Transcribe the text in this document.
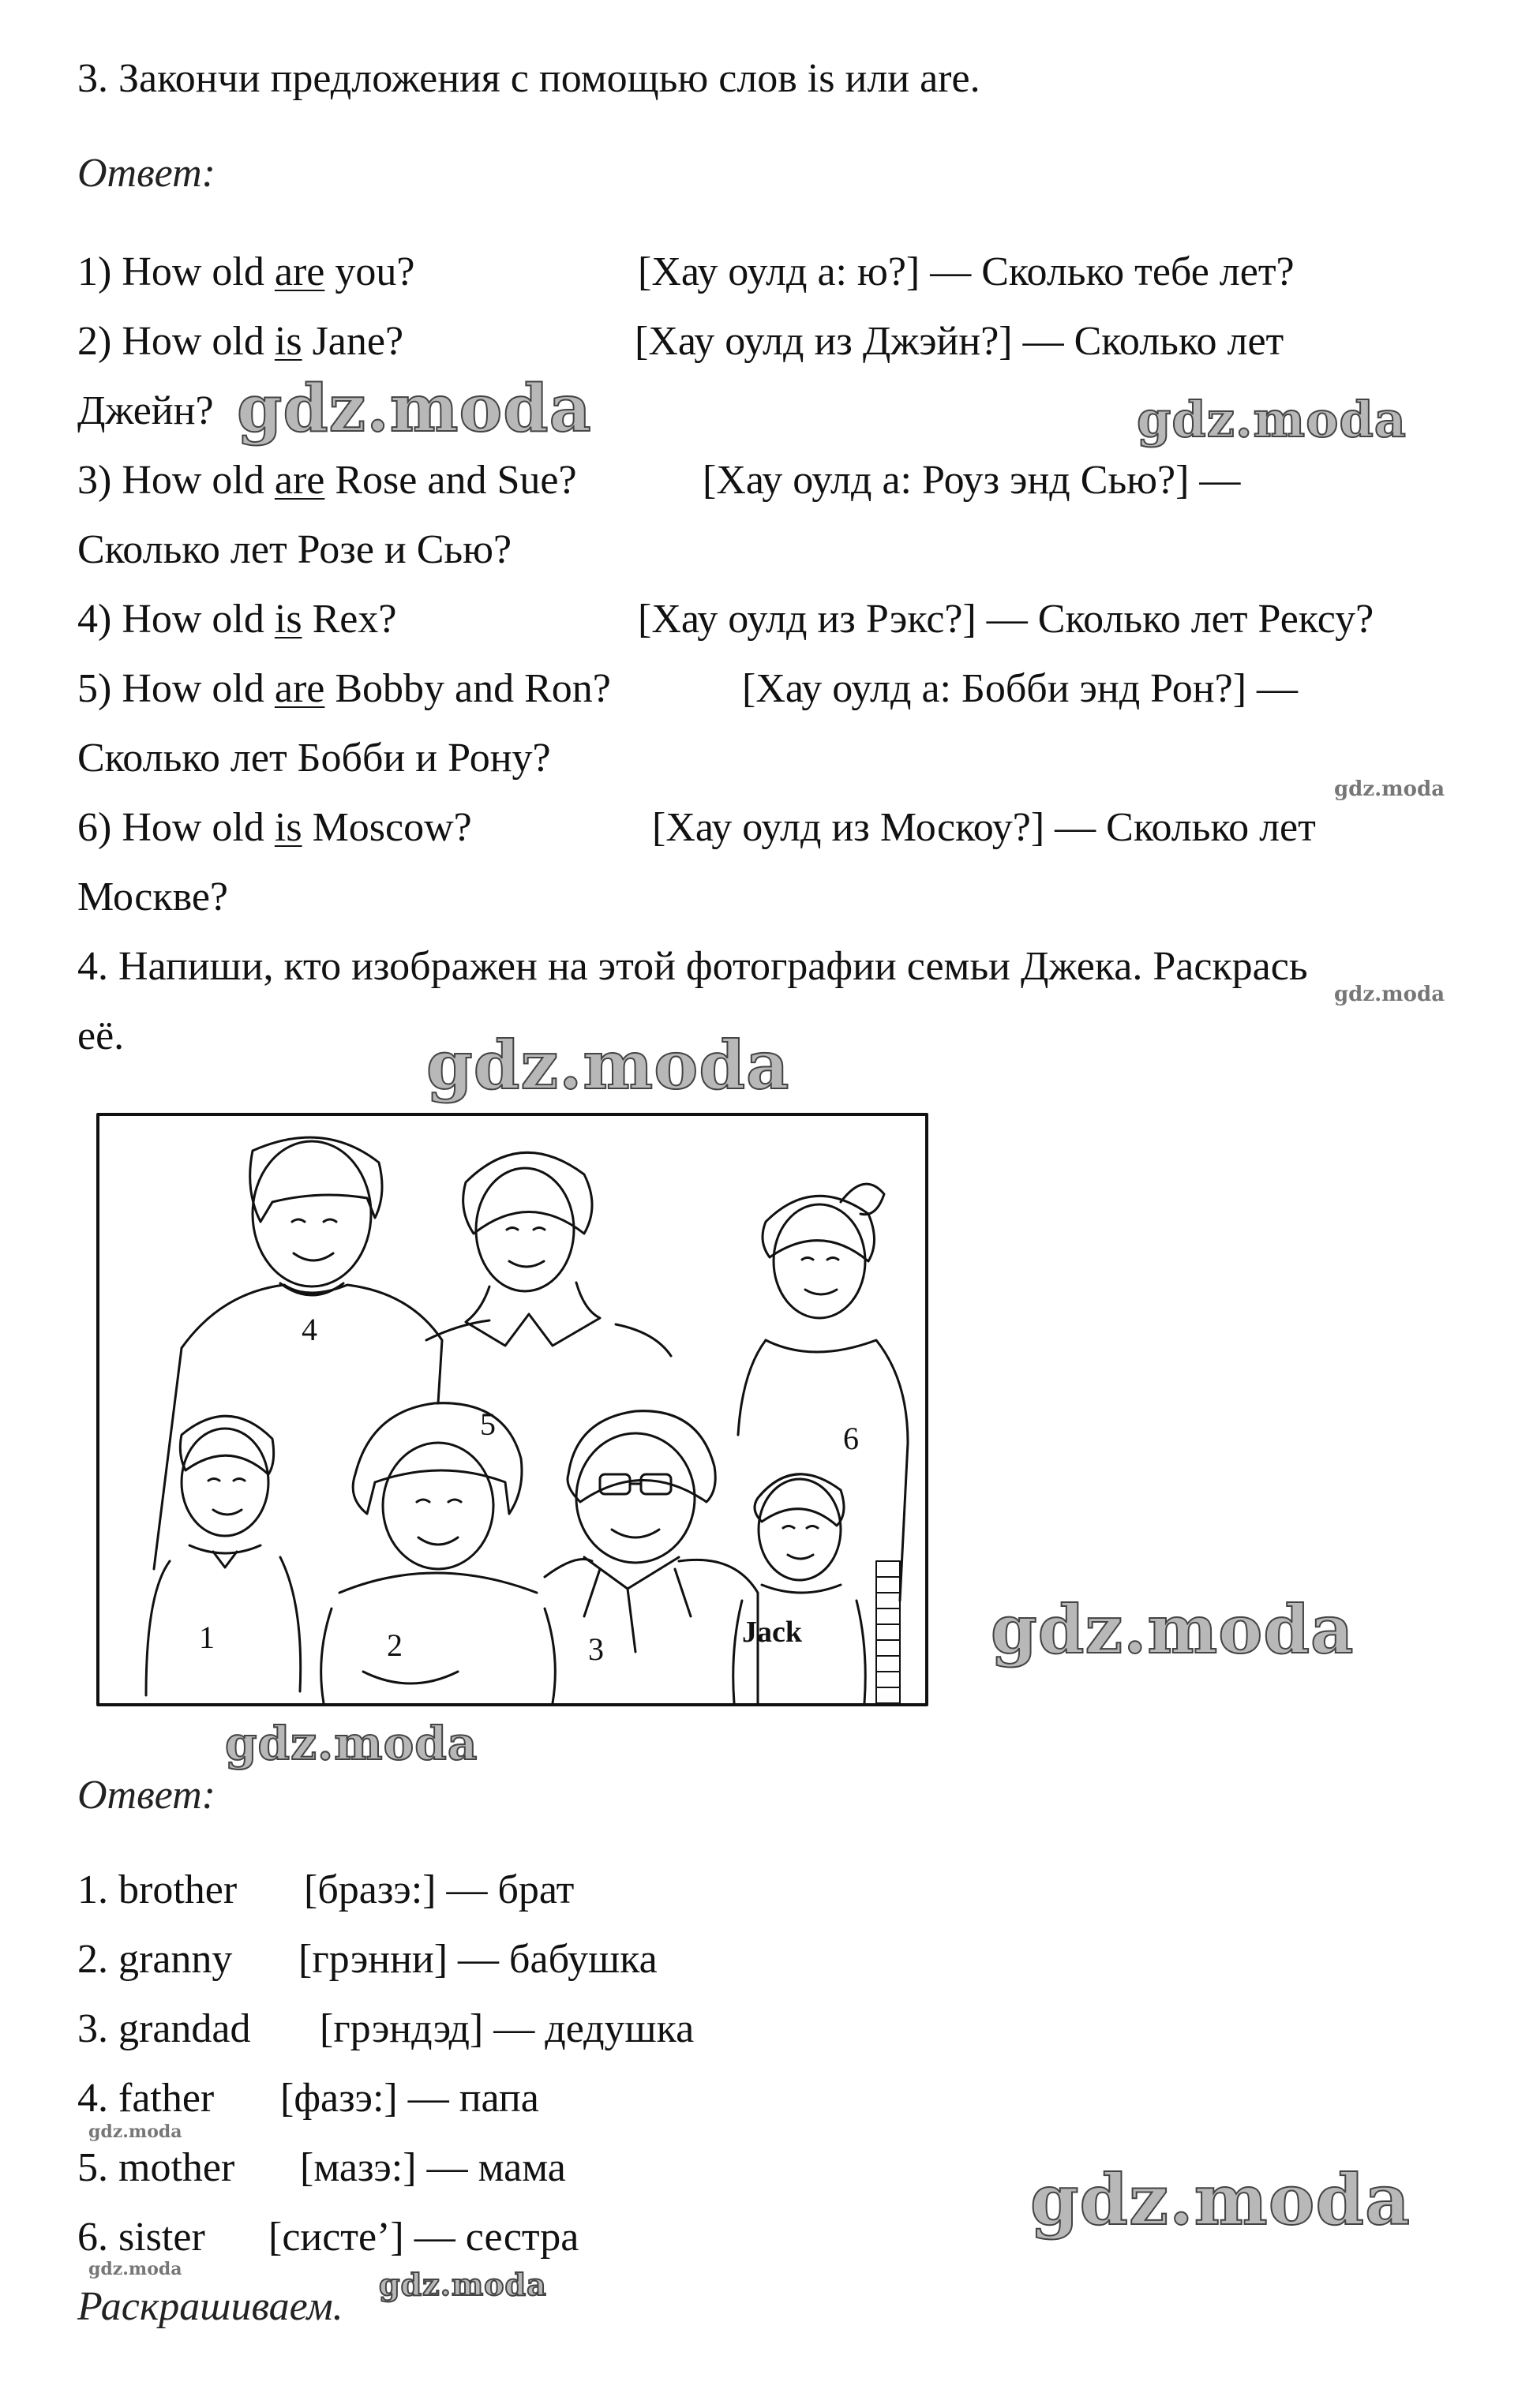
3. Закончи предложения с помощью слов is или are.
Ответ:
1) How old are you?	[Хау оулд а: ю?] — Сколько тебе лет?
2) How old is Jane?	[Хау оулд из Джэйн?] — Сколько лет
Джейн?
3) How old are Rose and Sue?	[Хау оулд а: Роуз энд Сью?] —
Сколько лет Розе и Сью?
4) How old is Rex?	[Хау оулд из Рэкс?] — Сколько лет Рексу?
5) How old are Bobby and Ron?	[Хау оулд а: Бобби энд Рон?] —
Сколько лет Бобби и Рону?
6) How old is Moscow?	[Хау оулд из Москоу?] — Сколько лет
Москве?
4. Напиши, кто изображен на этой фотографии семьи Джека. Раскрась
её.
4
5	6
1	2	3	Jack
Ответ:
1. brother [бразэ:] — брат
2. granny [грэнни] — бабушка
3. grandad [грэндэд] — дедушка
4. father [фазэ:] — папа
5. mother [мазэ:] — мама
6. sister [систе’] — сестра
Раскрашиваем.
gdz.moda	gdz.moda
gdz.moda
gdz.moda
gdz.moda
gdz.moda
gdz.moda
gdz.moda
gdz.moda
gdz.moda	gdz.moda
